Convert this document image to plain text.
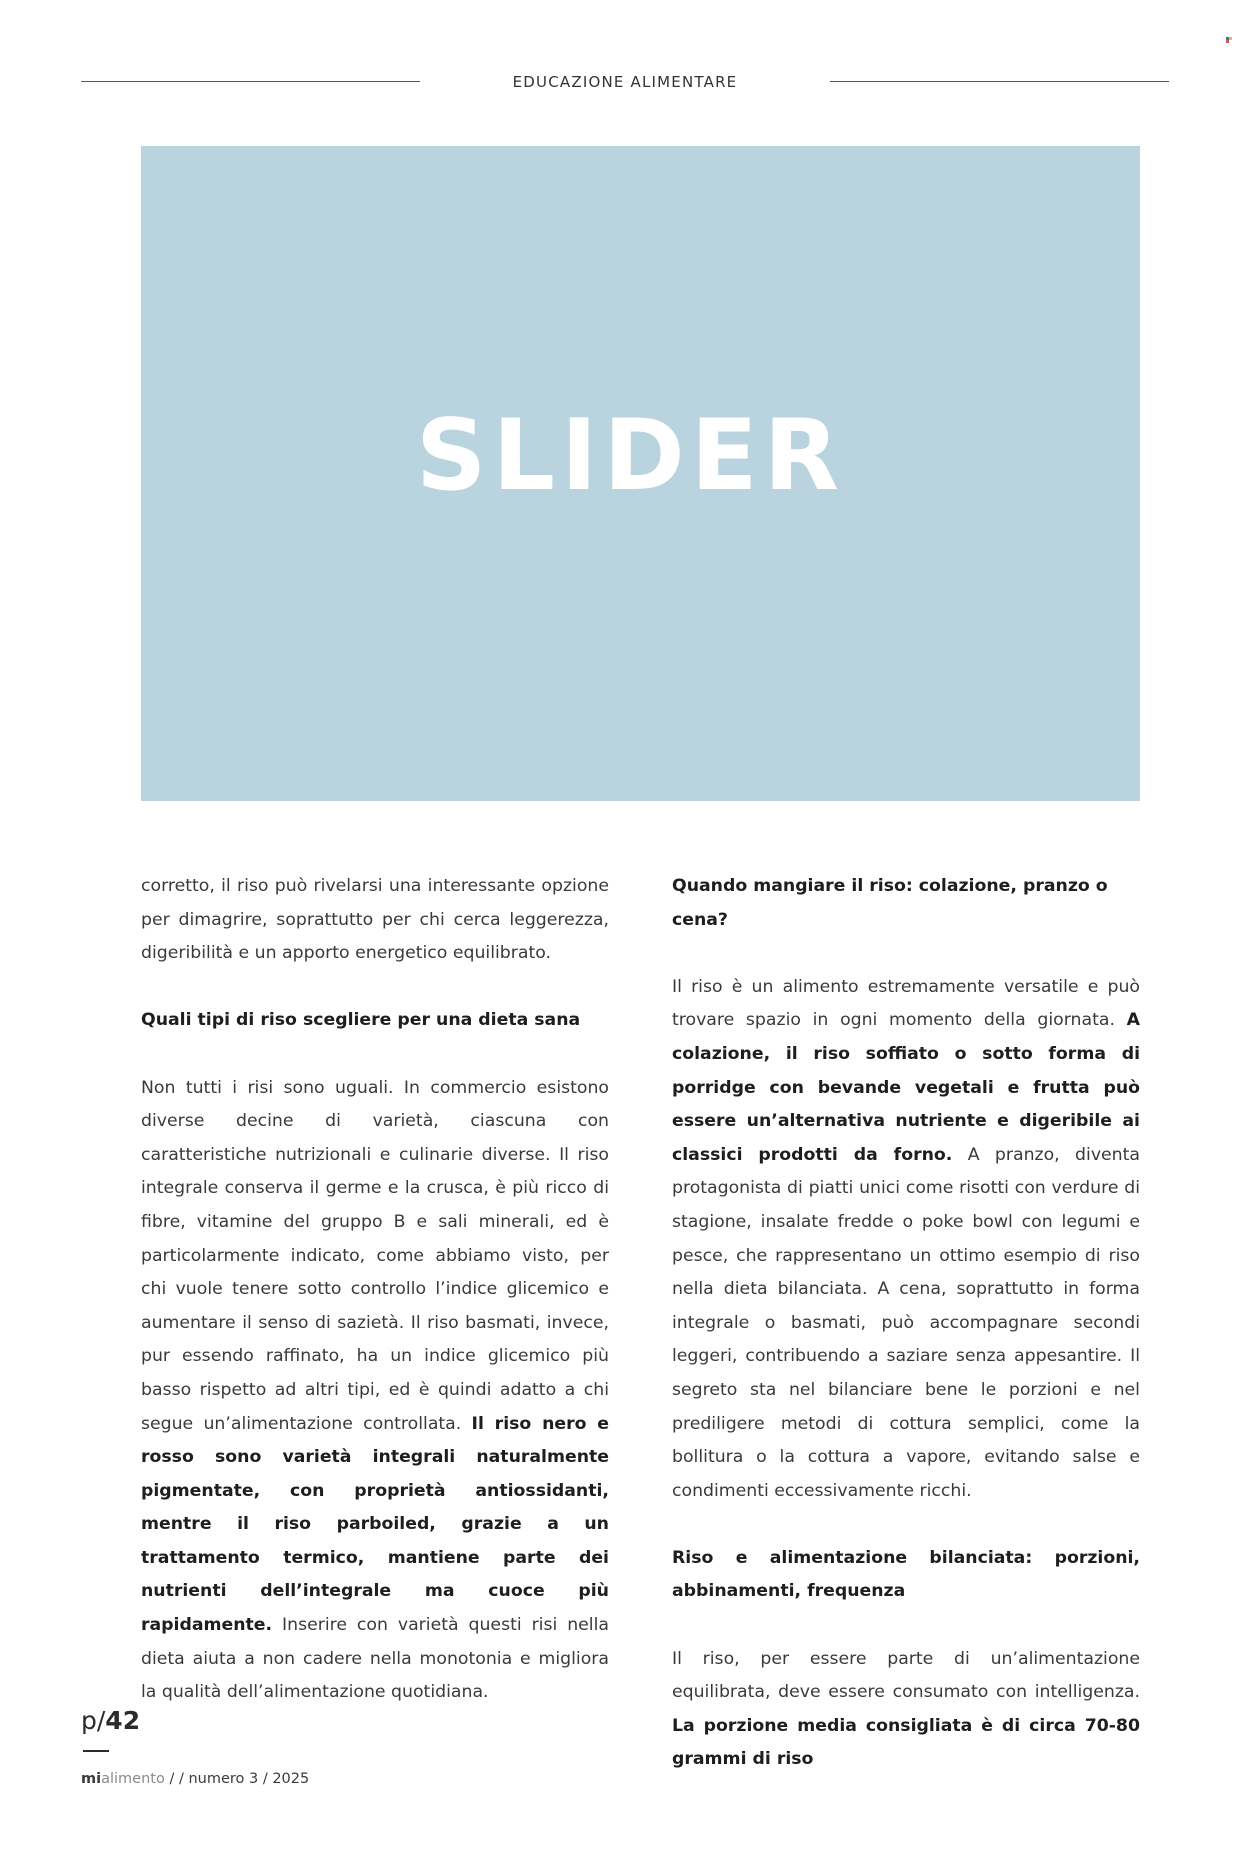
EDUCAZIONE ALIMENTARE
SLIDER

corretto, il riso può rivelarsi una interessante opzione per dimagrire, soprattutto per chi cerca leggerezza, digeribilità e un apporto energetico equilibrato.

Quali tipi di riso scegliere per una dieta sana

Non tutti i risi sono uguali. In commercio esistono diverse decine di varietà, ciascuna con caratteristiche nutrizionali e culinarie diverse. Il riso integrale conserva il germe e la crusca, è più ricco di fibre, vitamine del gruppo B e sali minerali, ed è particolarmente indicato, come abbiamo visto, per chi vuole tenere sotto controllo l’indice glicemico e aumentare il senso di sazietà. Il riso basmati, invece, pur essendo raffinato, ha un indice glicemico più basso rispetto ad altri tipi, ed è quindi adatto a chi segue un’alimentazione controllata. Il riso nero e rosso sono varietà integrali naturalmente pigmentate, con proprietà antiossidanti, mentre il riso parboiled, grazie a un trattamento termico, mantiene parte dei nutrienti dell’integrale ma cuoce più rapidamente. Inserire con varietà questi risi nella dieta aiuta a non cadere nella monotonia e migliora la qualità dell’alimentazione quotidiana.

Quando mangiare il riso: colazione, pranzo o cena?

Il riso è un alimento estremamente versatile e può trovare spazio in ogni momento della giornata. A colazione, il riso soffiato o sotto forma di porridge con bevande vegetali e frutta può essere un’alternativa nutriente e digeribile ai classici prodotti da forno. A pranzo, diventa protagonista di piatti unici come risotti con verdure di stagione, insalate fredde o poke bowl con legumi e pesce, che rappresentano un ottimo esempio di riso nella dieta bilanciata. A cena, soprattutto in forma integrale o basmati, può accompagnare secondi leggeri, contribuendo a saziare senza appesantire. Il segreto sta nel bilanciare bene le porzioni e nel prediligere metodi di cottura semplici, come la bollitura o la cottura a vapore, evitando salse e condimenti eccessivamente ricchi.

Riso e alimentazione bilanciata: porzioni, abbinamenti, frequenza

Il riso, per essere parte di un’alimentazione equilibrata, deve essere consumato con intelligenza. La porzione media consigliata è di circa 70-80 grammi di riso

p/42
mialimento / / numero 3 / 2025
